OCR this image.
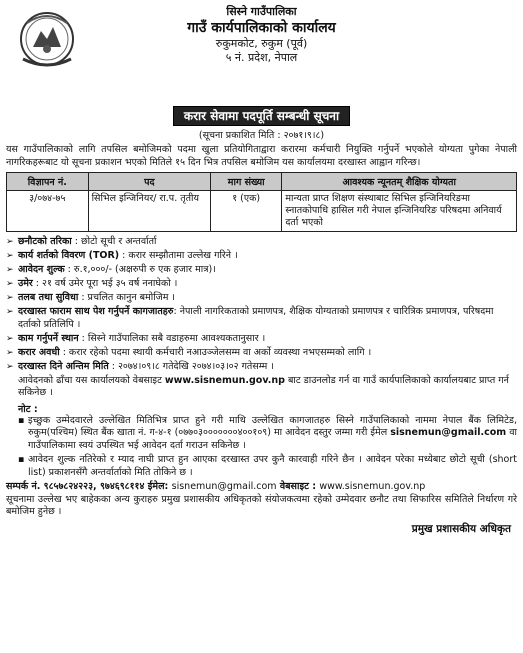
सिस्ने गाउँपालिका
गाउँ कार्यपालिकाको कार्यालय
रुकुमकोट, रुकुम (पूर्व)
५ नं. प्रदेश, नेपाल
करार सेवामा पदपूर्ति सम्बन्धी सूचना
(सूचना प्रकाशित मिति : २०७१।९।८)
यस गाउँपालिकाको लागि तपसिल बमोजिमको पदमा खुला प्रतियोगिताद्वारा करारमा कर्मचारी नियुक्ति गर्नुपर्ने भएकोले योग्यता पुगेका नेपाली नागरिकहरूबाट यो सूचना प्रकाशन भएको मितिले १५ दिन भित्र तपसिल बमोजिम यस कार्यालयमा दरखास्त आह्वान गरिन्छ।
विज्ञापन नं.	पद	माग संख्या	आवश्यक न्यूनतम् शैक्षिक योग्यता
३/०७४-७५	सिभिल इन्जिनियर/ रा.प. तृतीय	१ (एक)	मान्यता प्राप्त शिक्षण संस्थाबाट सिभिल इन्जिनियरिङमा स्नातकोपाधि हासिल गरी नेपाल इन्जिनियरिङ परिषदमा अनिवार्य दर्ता भएको
➢ छनौटको तरिका : छोटो सूची र अन्तर्वार्ता
➢ कार्य शर्तको विवरण (TOR) : करार सम्झौतामा उल्लेख गरिने ।
➢ आवेदन शुल्क : रु.१,०००/- (अक्षरुपी रु एक हजार मात्र)।
➢ उमेर : २१ वर्ष उमेर पूरा भई ३५ वर्ष ननाघेको ।
➢ तलब तथा सुविधा : प्रचलित कानुन बमोजिम ।
➢ दरखास्त फाराम साथ पेश गर्नुपर्ने कागजातहरु: नेपाली नागरिकताको प्रमाणपत्र, शैक्षिक योग्यताको प्रमाणपत्र र चारित्रिक प्रमाणपत्र, परिषदमा दर्ताको प्रतिलिपि ।
➢ काम गर्नुपर्ने स्थान : सिस्ने गाउँपालिका सबै वडाहरुमा आवश्यकतानुसार ।
➢ करार अवधी : करार रहेको पदमा स्थायी कर्मचारी नआउञ्जेलसम्म वा अर्को व्यवस्था नभएसम्मको लागि ।
➢ दरखास्त दिने अन्तिम मिति : २०७४।०९।८ गतेदेखि २०७४।०३।०२ गतेसम्म ।
आवेदनको ढाँचा यस कार्यालयको वेबसाइट www.sisnemun.gov.np बाट डाउनलोड गर्न वा गाउँ कार्यपालिकाको कार्यालयबाट प्राप्त गर्न सकिनेछ ।
नोट :
▪ इच्छुक उम्मेदवारले उल्लेखित मितिभित्र प्राप्त हुने गरी माथि उल्लेखित कागजातहरु सिस्ने गाउँपालिकाको नाममा नेपाल बैंक लिमिटेड, रुकुम(पश्चिम) स्थित बैंक खाता नं. ग-४-१ (०७७०३०००००००४००१०९) मा आवेदन दस्तुर जम्मा गरी ईमेल sisnemun@gmail.com वा गाउँपालिकामा स्वयं उपस्थित भई आवेदन दर्ता गराउन सकिनेछ ।
▪ आवेदन शुल्क नतिरेको र म्याद नाघी प्राप्त हुन आएका दरखास्त उपर कुनै कारवाही गरिने छैन । आवेदन परेका मध्येबाट छोटो सूची (short list) प्रकाशनसँगै अन्तर्वार्ताको मिति तोकिने छ ।
सम्पर्क नं. ९८५७८२४२२३, ९७४६९८११४ ईमेल: sisnemun@gmail.com वेबसाइट : www.sisnemun.gov.np
सूचनामा उल्लेख भए बाहेकका अन्य कुराहरु प्रमुख प्रशासकीय अधिकृतको संयोजकत्वमा रहेको उम्मेदवार छनौट तथा सिफारिस समितिले निर्धारण गरे बमोजिम हुनेछ ।
प्रमुख प्रशासकीय अधिकृत
